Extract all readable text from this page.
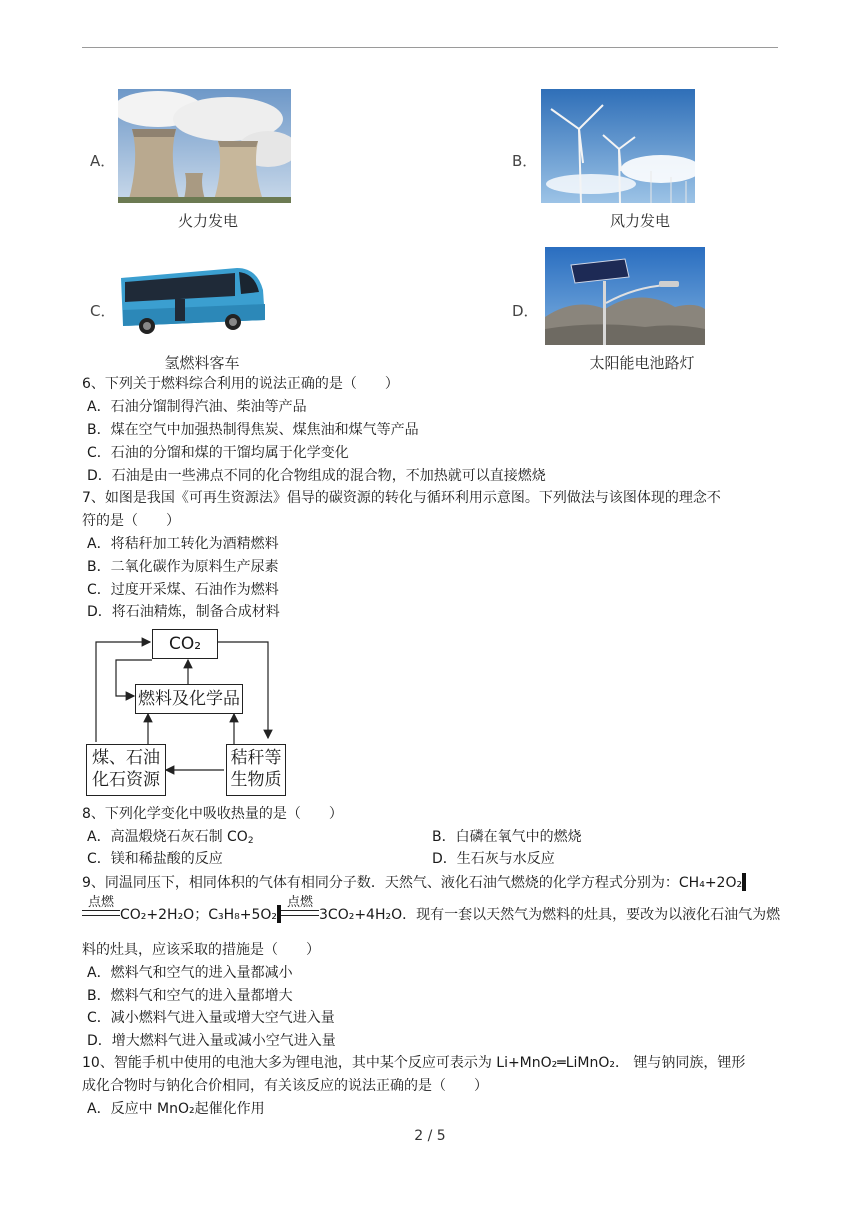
A．
火力发电
B．
风力发电
C．
氢燃料客车
D．
太阳能电池路灯
6、下列关于燃料综合利用的说法正确的是（　　）
A．石油分馏制得汽油、柴油等产品
B．煤在空气中加强热制得焦炭、煤焦油和煤气等产品
C．石油的分馏和煤的干馏均属于化学变化
D．石油是由一些沸点不同的化合物组成的混合物，不加热就可以直接燃烧
7、如图是我国《可再生资源法》倡导的碳资源的转化与循环利用示意图。下列做法与该图体现的理念不
符的是（　　）
A．将秸秆加工转化为酒精燃料
B．二氧化碳作为原料生产尿素
C．过度开采煤、石油作为燃料
D．将石油精炼，制备合成材料
CO₂
燃料及化学品
煤、石油
化石资源
秸秆等
生物质
8、下列化学变化中吸收热量的是（　　）
A．高温煅烧石灰石制 $CO_2$	B．白磷在氧气中的燃烧
C．镁和稀盐酸的反应	D．生石灰与水反应
9、同温同压下，相同体积的气体有相同分子数．天然气、液化石油气燃烧的化学方程式分别为：CH₄+2O₂
点燃
CO₂+2H₂O；C₃H₈+5O₂
点燃
3CO₂+4H₂O．现有一套以天然气为燃料的灶具，要改为以液化石油气为燃
料的灶具，应该采取的措施是（　　）
A．燃料气和空气的进入量都减小
B．燃料气和空气的进入量都增大
C．减小燃料气进入量或增大空气进入量
D．增大燃料气进入量或减小空气进入量
10、智能手机中使用的电池大多为锂电池，其中某个反应可表示为 Li+MnO₂═LiMnO₂． 锂与钠同族，锂形
成化合物时与钠化合价相同，有关该反应的说法正确的是（　　）
A．反应中 MnO₂起催化作用
2 / 5
